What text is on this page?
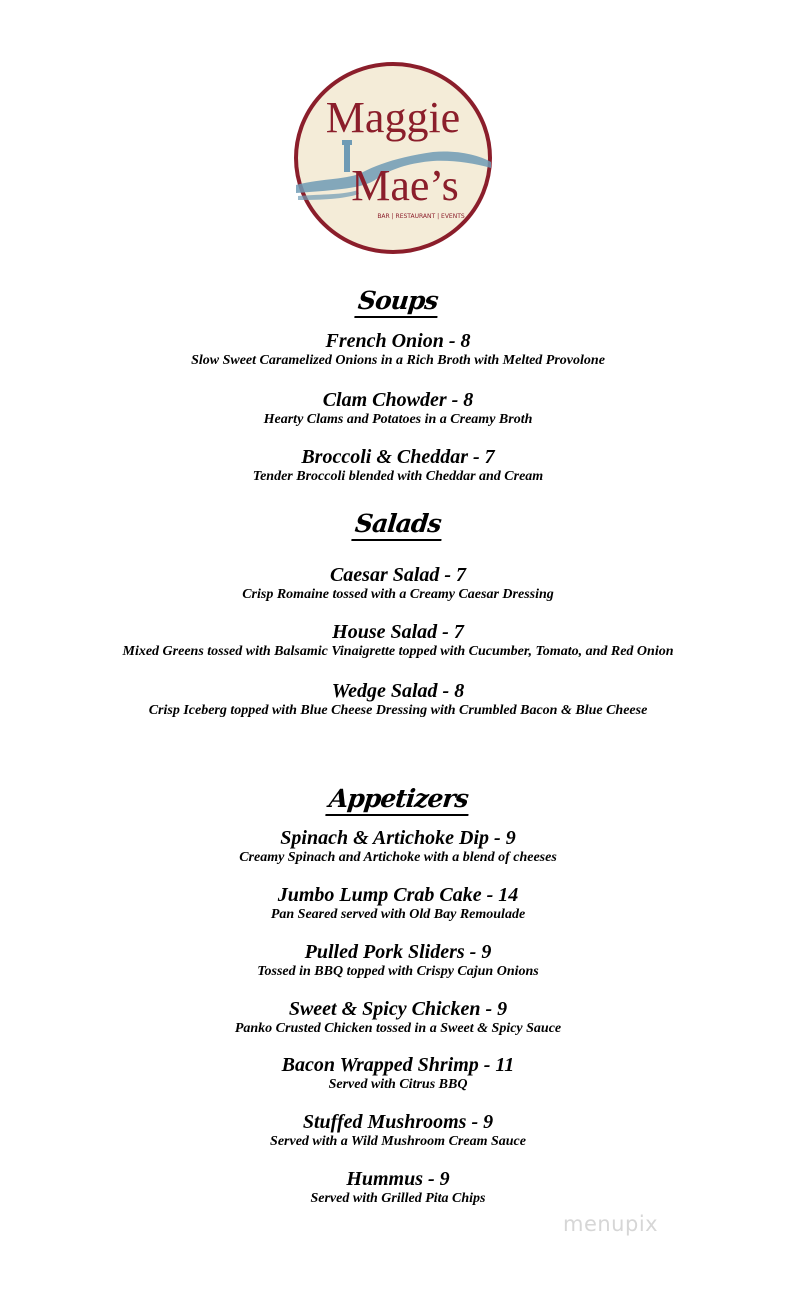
Maggie
Mae’s
BAR | RESTAURANT | EVENTS
Soups

French Onion - 8

Slow Sweet Caramelized Onions in a Rich Broth with Melted Provolone

Clam Chowder - 8

Hearty Clams and Potatoes in a Creamy Broth

Broccoli & Cheddar - 7

Tender Broccoli blended with Cheddar and Cream

Salads

Caesar Salad - 7

Crisp Romaine tossed with a Creamy Caesar Dressing

House Salad - 7

Mixed Greens tossed with Balsamic Vinaigrette topped with Cucumber, Tomato, and Red Onion

Wedge Salad - 8

Crisp Iceberg topped with Blue Cheese Dressing with Crumbled Bacon & Blue Cheese

Appetizers

Spinach & Artichoke Dip - 9

Creamy Spinach and Artichoke with a blend of cheeses

Jumbo Lump Crab Cake - 14

Pan Seared served with Old Bay Remoulade

Pulled Pork Sliders - 9

Tossed in BBQ topped with Crispy Cajun Onions

Sweet & Spicy Chicken - 9

Panko Crusted Chicken tossed in a Sweet & Spicy Sauce

Bacon Wrapped Shrimp - 11

Served with Citrus BBQ

Stuffed Mushrooms - 9

Served with a Wild Mushroom Cream Sauce

Hummus - 9

Served with Grilled Pita Chips

menupix
